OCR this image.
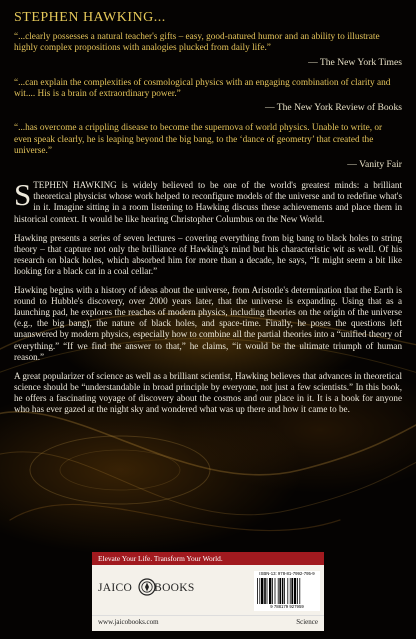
STEPHEN HAWKING...

“...clearly possesses a natural teacher's gifts – easy, good-natured humor and an ability to illustrate highly complex propositions with analogies plucked from daily life.”

— The New York Times

“...can explain the complexities of cosmological physics with an engaging combination of clarity and wit.... His is a brain of extraordinary power.”

— The New York Review of Books

“...has overcome a crippling disease to become the supernova of world physics. Unable to write, or even speak clearly, he is leaping beyond the big bang, to the ‘dance of geometry’ that created the universe.”

— Vanity Fair

STEPHEN HAWKING is widely believed to be one of the world's greatest minds: a brilliant theoretical physicist whose work helped to reconfigure models of the universe and to redefine what's in it. Imagine sitting in a room listening to Hawking discuss these achievements and place them in historical context. It would be like hearing Christopher Columbus on the New World.

Hawking presents a series of seven lectures – covering everything from big bang to black holes to string theory – that capture not only the brilliance of Hawking's mind but his characteristic wit as well. Of his research on black holes, which absorbed him for more than a decade, he says, “It might seem a bit like looking for a black cat in a coal cellar.”

Hawking begins with a history of ideas about the universe, from Aristotle's determination that the Earth is round to Hubble's discovery, over 2000 years later, that the universe is expanding. Using that as a launching pad, he explores the reaches of modern physics, including theories on the origin of the universe (e.g., the big bang), the nature of black holes, and space-time. Finally, he poses the questions left unanswered by modern physics, especially how to combine all the partial theories into a “unified theory of everything.” “If we find the answer to that,” he claims, “it would be the ultimate triumph of human reason.”

A great popularizer of science as well as a brilliant scientist, Hawking believes that advances in theoretical science should be “understandable in broad principle by everyone, not just a few scientists.” In this book, he offers a fascinating voyage of discovery about the cosmos and our place in it. It is a book for anyone who has ever gazed at the night sky and wondered what was up there and how it came to be.

Elevate Your Life. Transform Your World.
JAICO BOOKS
ISBN-13: 978-81-7992-795-9
9 788179 927959
www.jaicobooks.com	Science
